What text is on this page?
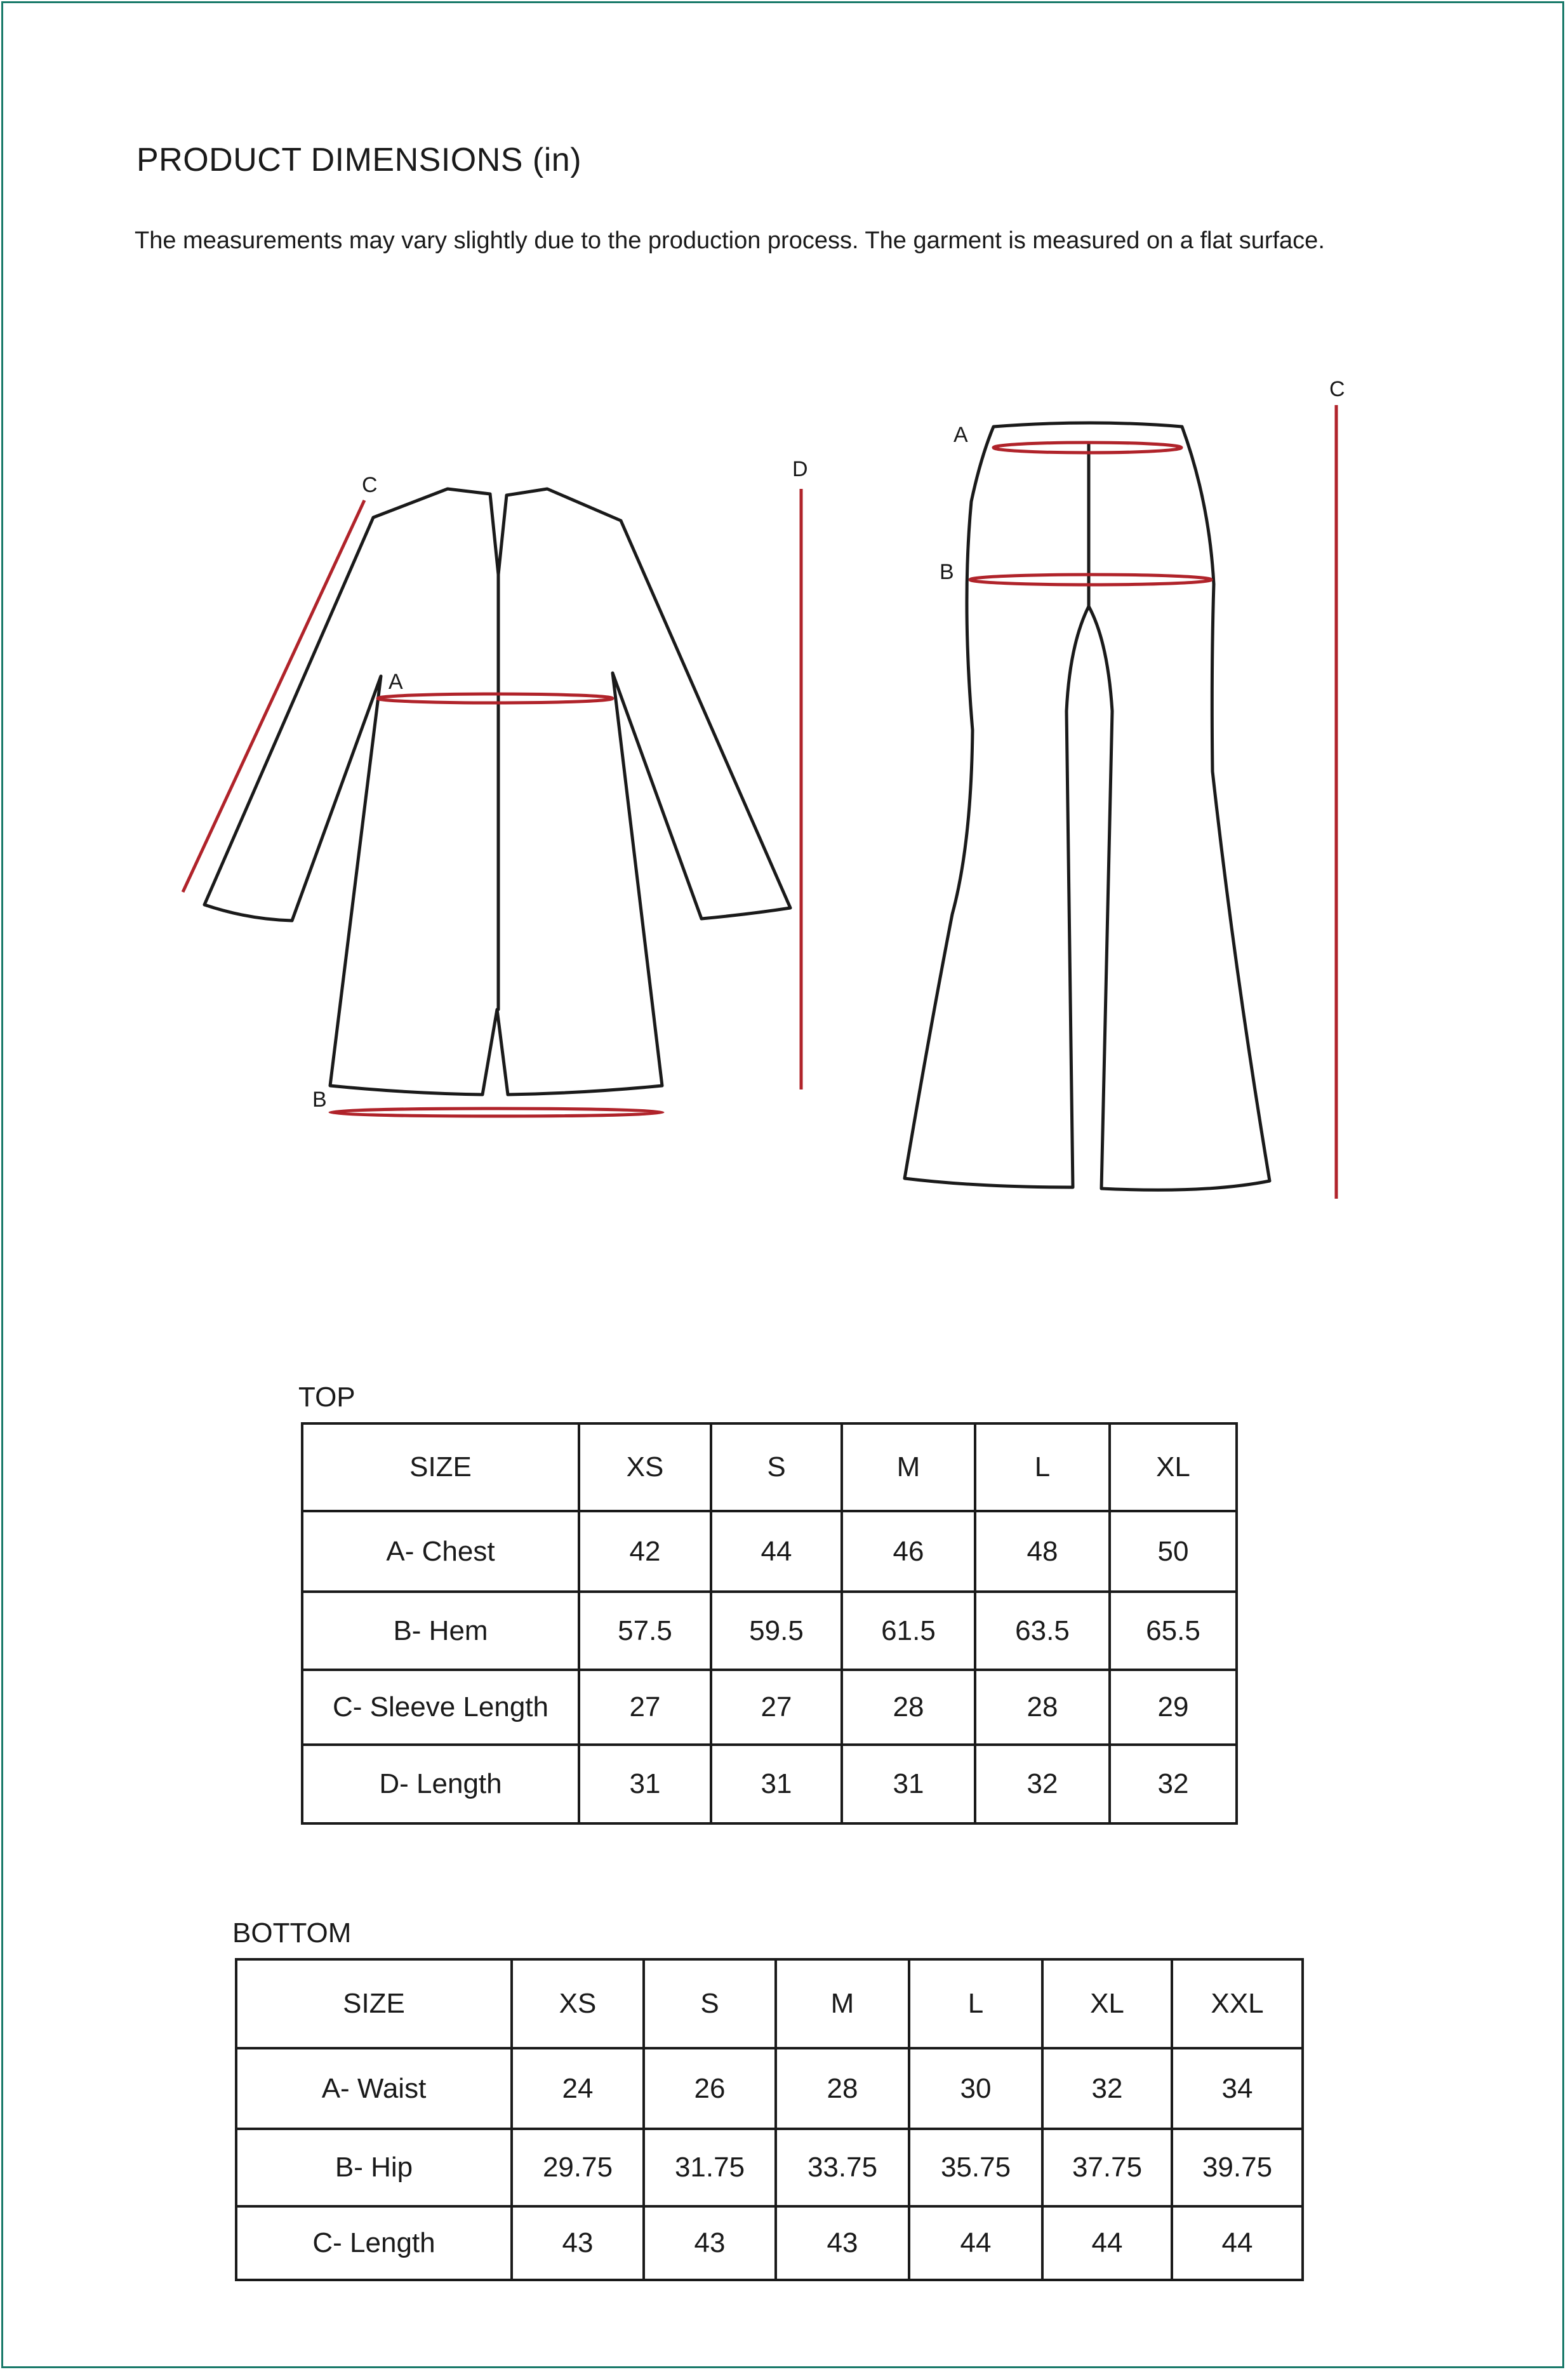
PRODUCT DIMENSIONS (in)
The measurements may vary slightly due to the production process. The garment is measured on a flat surface.
A
B
C
D
A
B
C
TOP
SIZE	XS	S	M	L	XL
A- Chest	42	44	46	48	50
B- Hem	57.5	59.5	61.5	63.5	65.5
C- Sleeve Length	27	27	28	28	29
D- Length	31	31	31	32	32
BOTTOM
SIZE	XS	S	M	L	XL	XXL
A- Waist	24	26	28	30	32	34
B- Hip	29.75	31.75	33.75	35.75	37.75	39.75
C- Length	43	43	43	44	44	44
